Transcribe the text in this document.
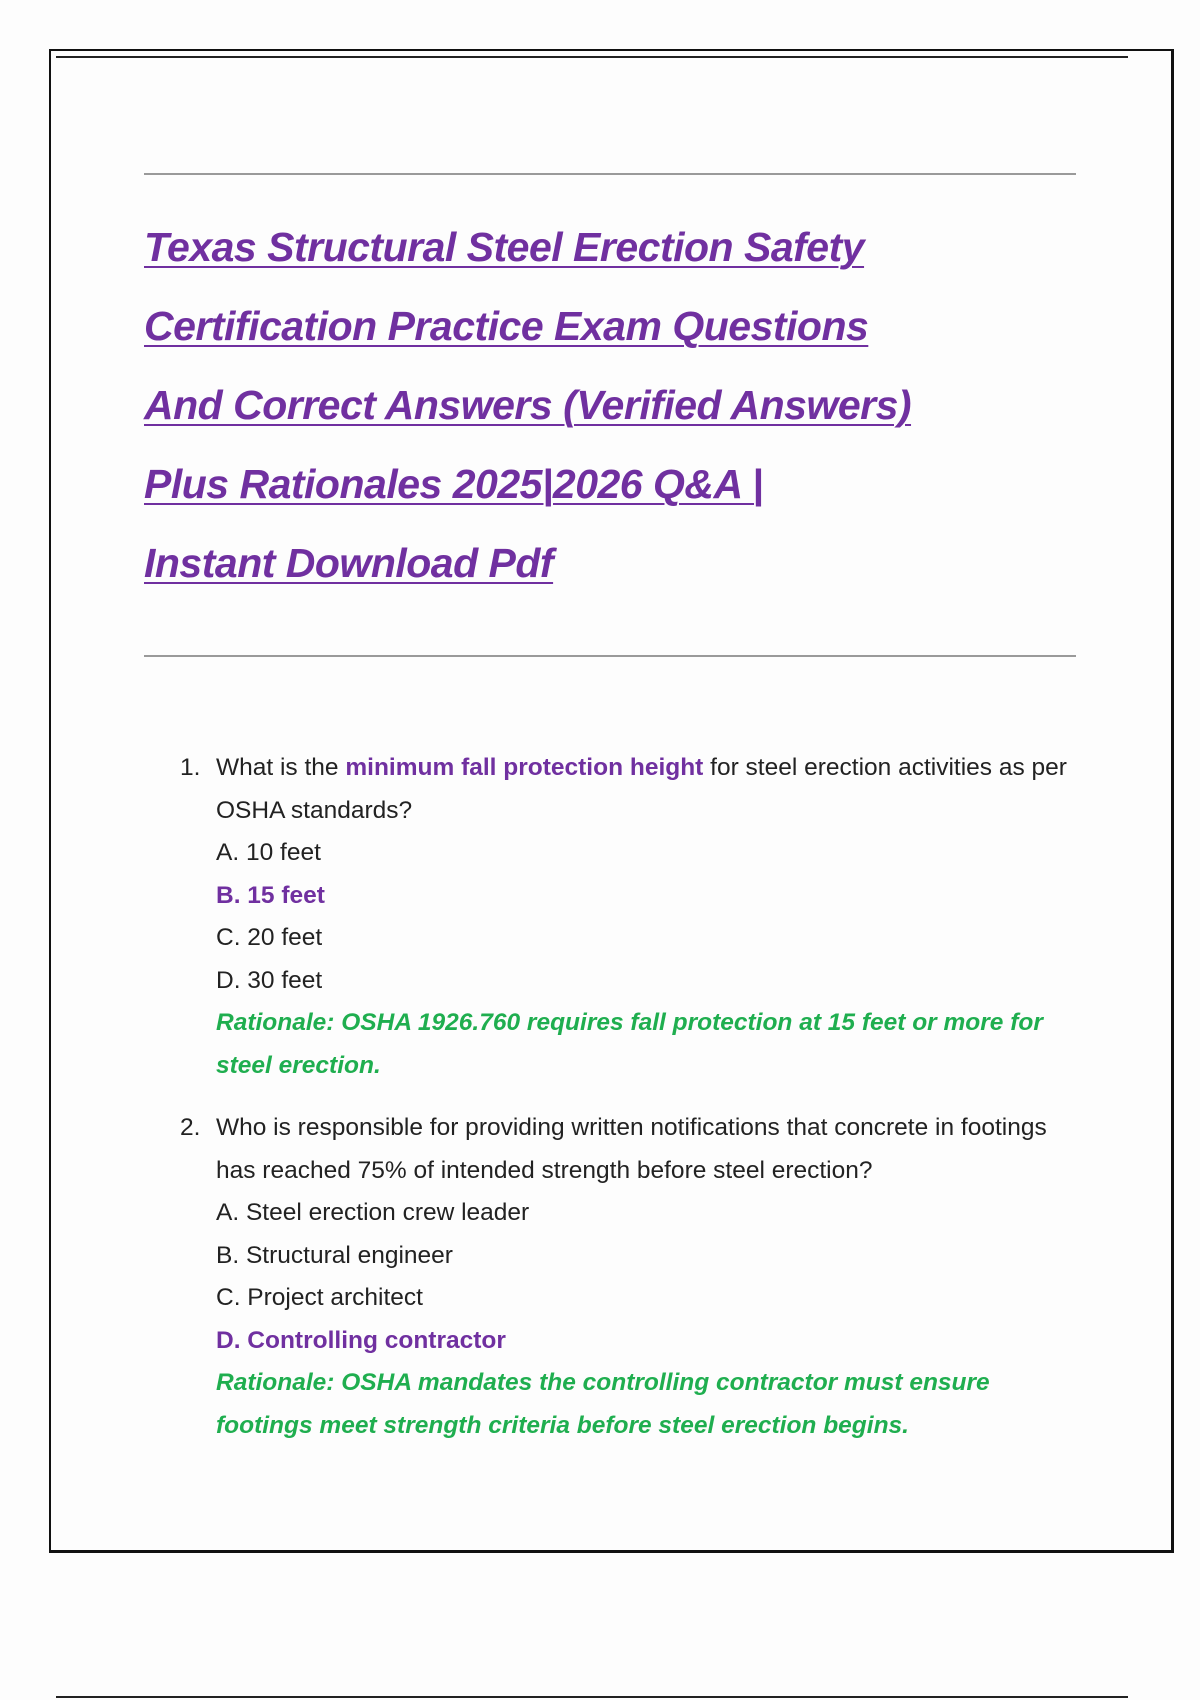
Texas Structural Steel Erection Safety
Certification Practice Exam Questions
And Correct Answers (Verified Answers)
Plus Rationales 2025|2026 Q&A |
Instant Download Pdf
1. What is the minimum fall protection height for steel erection activities as per OSHA standards?
A. 10 feet
B. 15 feet
C. 20 feet
D. 30 feet
Rationale: OSHA 1926.760 requires fall protection at 15 feet or more for steel erection.
2. Who is responsible for providing written notifications that concrete in footings has reached 75% of intended strength before steel erection?
A. Steel erection crew leader
B. Structural engineer
C. Project architect
D. Controlling contractor
Rationale: OSHA mandates the controlling contractor must ensure footings meet strength criteria before steel erection begins.
